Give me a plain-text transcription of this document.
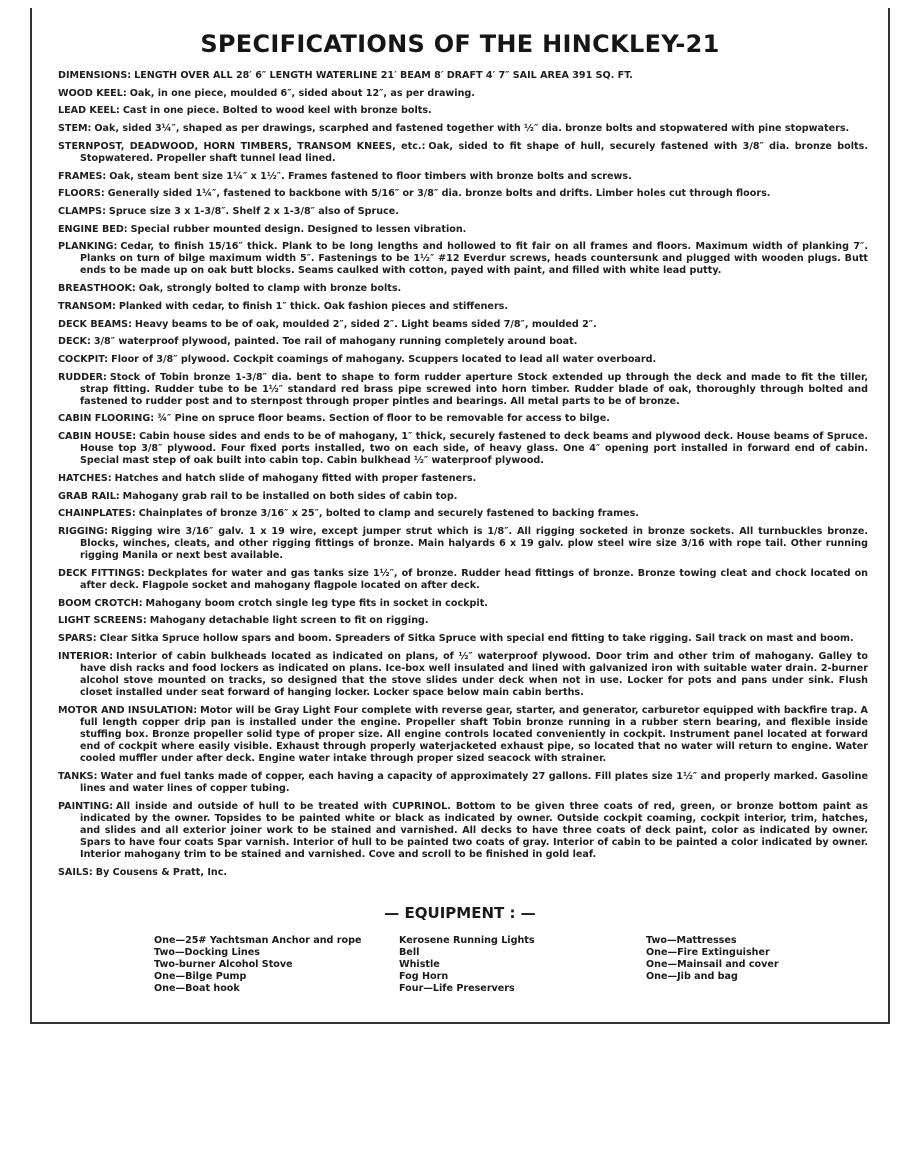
SPECIFICATIONS OF THE HINCKLEY-21

DIMENSIONS: LENGTH OVER ALL 28′ 6″ LENGTH WATERLINE 21′ BEAM 8′ DRAFT 4′ 7″ SAIL AREA 391 SQ. FT.

WOOD KEEL: Oak, in one piece, moulded 6″, sided about 12″, as per drawing.

LEAD KEEL: Cast in one piece. Bolted to wood keel with bronze bolts.

STEM: Oak, sided 3¼″, shaped as per drawings, scarphed and fastened together with ½″ dia. bronze bolts and stopwatered with pine stopwaters.

STERNPOST, DEADWOOD, HORN TIMBERS, TRANSOM KNEES, etc.: Oak, sided to fit shape of hull, securely fastened with 3/8″ dia. bronze bolts. Stopwatered. Propeller shaft tunnel lead lined.

FRAMES: Oak, steam bent size 1¼″ x 1½″. Frames fastened to floor timbers with bronze bolts and screws.

FLOORS: Generally sided 1¼″, fastened to backbone with 5/16″ or 3/8″ dia. bronze bolts and drifts. Limber holes cut through floors.

CLAMPS: Spruce size 3 x 1-3/8″. Shelf 2 x 1-3/8″ also of Spruce.

ENGINE BED: Special rubber mounted design. Designed to lessen vibration.

PLANKING: Cedar, to finish 15/16″ thick. Plank to be long lengths and hollowed to fit fair on all frames and floors. Maximum width of planking 7″. Planks on turn of bilge maximum width 5″. Fastenings to be 1½″ #12 Everdur screws, heads countersunk and plugged with wooden plugs. Butt ends to be made up on oak butt blocks. Seams caulked with cotton, payed with paint, and filled with white lead putty.

BREASTHOOK: Oak, strongly bolted to clamp with bronze bolts.

TRANSOM: Planked with cedar, to finish 1″ thick. Oak fashion pieces and stiffeners.

DECK BEAMS: Heavy beams to be of oak, moulded 2″, sided 2″. Light beams sided 7/8″, moulded 2″.

DECK: 3/8″ waterproof plywood, painted. Toe rail of mahogany running completely around boat.

COCKPIT: Floor of 3/8″ plywood. Cockpit coamings of mahogany. Scuppers located to lead all water overboard.

RUDDER: Stock of Tobin bronze 1-3/8″ dia. bent to shape to form rudder aperture Stock extended up through the deck and made to fit the tiller, strap fitting. Rudder tube to be 1½″ standard red brass pipe screwed into horn timber. Rudder blade of oak, thoroughly through bolted and fastened to rudder post and to sternpost through proper pintles and bearings. All metal parts to be of bronze.

CABIN FLOORING: ¾″ Pine on spruce floor beams. Section of floor to be removable for access to bilge.

CABIN HOUSE: Cabin house sides and ends to be of mahogany, 1″ thick, securely fastened to deck beams and plywood deck. House beams of Spruce. House top 3/8″ plywood. Four fixed ports installed, two on each side, of heavy glass. One 4″ opening port installed in forward end of cabin. Special mast step of oak built into cabin top. Cabin bulkhead ½″ waterproof plywood.

HATCHES: Hatches and hatch slide of mahogany fitted with proper fasteners.

GRAB RAIL: Mahogany grab rail to be installed on both sides of cabin top.

CHAINPLATES: Chainplates of bronze 3/16″ x 25″, bolted to clamp and securely fastened to backing frames.

RIGGING: Rigging wire 3/16″ galv. 1 x 19 wire, except jumper strut which is 1/8″. All rigging socketed in bronze sockets. All turnbuckles bronze. Blocks, winches, cleats, and other rigging fittings of bronze. Main halyards 6 x 19 galv. plow steel wire size 3/16 with rope tail. Other running rigging Manila or next best available.

DECK FITTINGS: Deckplates for water and gas tanks size 1½″, of bronze. Rudder head fittings of bronze. Bronze towing cleat and chock located on after deck. Flagpole socket and mahogany flagpole located on after deck.

BOOM CROTCH: Mahogany boom crotch single leg type fits in socket in cockpit.

LIGHT SCREENS: Mahogany detachable light screen to fit on rigging.

SPARS: Clear Sitka Spruce hollow spars and boom. Spreaders of Sitka Spruce with special end fitting to take rigging. Sail track on mast and boom.

INTERIOR: Interior of cabin bulkheads located as indicated on plans, of ½″ waterproof plywood. Door trim and other trim of mahogany. Galley to have dish racks and food lockers as indicated on plans. Ice-box well insulated and lined with galvanized iron with suitable water drain. 2-burner alcohol stove mounted on tracks, so designed that the stove slides under deck when not in use. Locker for pots and pans under sink. Flush closet installed under seat forward of hanging locker. Locker space below main cabin berths.

MOTOR AND INSULATION: Motor will be Gray Light Four complete with reverse gear, starter, and generator, carburetor equipped with backfire trap. A full length copper drip pan is installed under the engine. Propeller shaft Tobin bronze running in a rubber stern bearing, and flexible inside stuffing box. Bronze propeller solid type of proper size. All engine controls located conveniently in cockpit. Instrument panel located at forward end of cockpit where easily visible. Exhaust through properly waterjacketed exhaust pipe, so located that no water will return to engine. Water cooled muffler under after deck. Engine water intake through proper sized seacock with strainer.

TANKS: Water and fuel tanks made of copper, each having a capacity of approximately 27 gallons. Fill plates size 1½″ and properly marked. Gasoline lines and water lines of copper tubing.

PAINTING: All inside and outside of hull to be treated with CUPRINOL. Bottom to be given three coats of red, green, or bronze bottom paint as indicated by the owner. Topsides to be painted white or black as indicated by owner. Outside cockpit coaming, cockpit interior, trim, hatches, and slides and all exterior joiner work to be stained and varnished. All decks to have three coats of deck paint, color as indicated by owner. Spars to have four coats Spar varnish. Interior of hull to be painted two coats of gray. Interior of cabin to be painted a color indicated by owner. Interior mahogany trim to be stained and varnished. Cove and scroll to be finished in gold leaf.

SAILS: By Cousens & Pratt, Inc.

— EQUIPMENT : —
One—25# Yachtsman Anchor and rope
Two—Docking Lines
Two-burner Alcohol Stove
One—Bilge Pump
One—Boat hook
Kerosene Running Lights
Bell
Whistle
Fog Horn
Four—Life Preservers
Two—Mattresses
One—Fire Extinguisher
One—Mainsail and cover
One—Jib and bag
